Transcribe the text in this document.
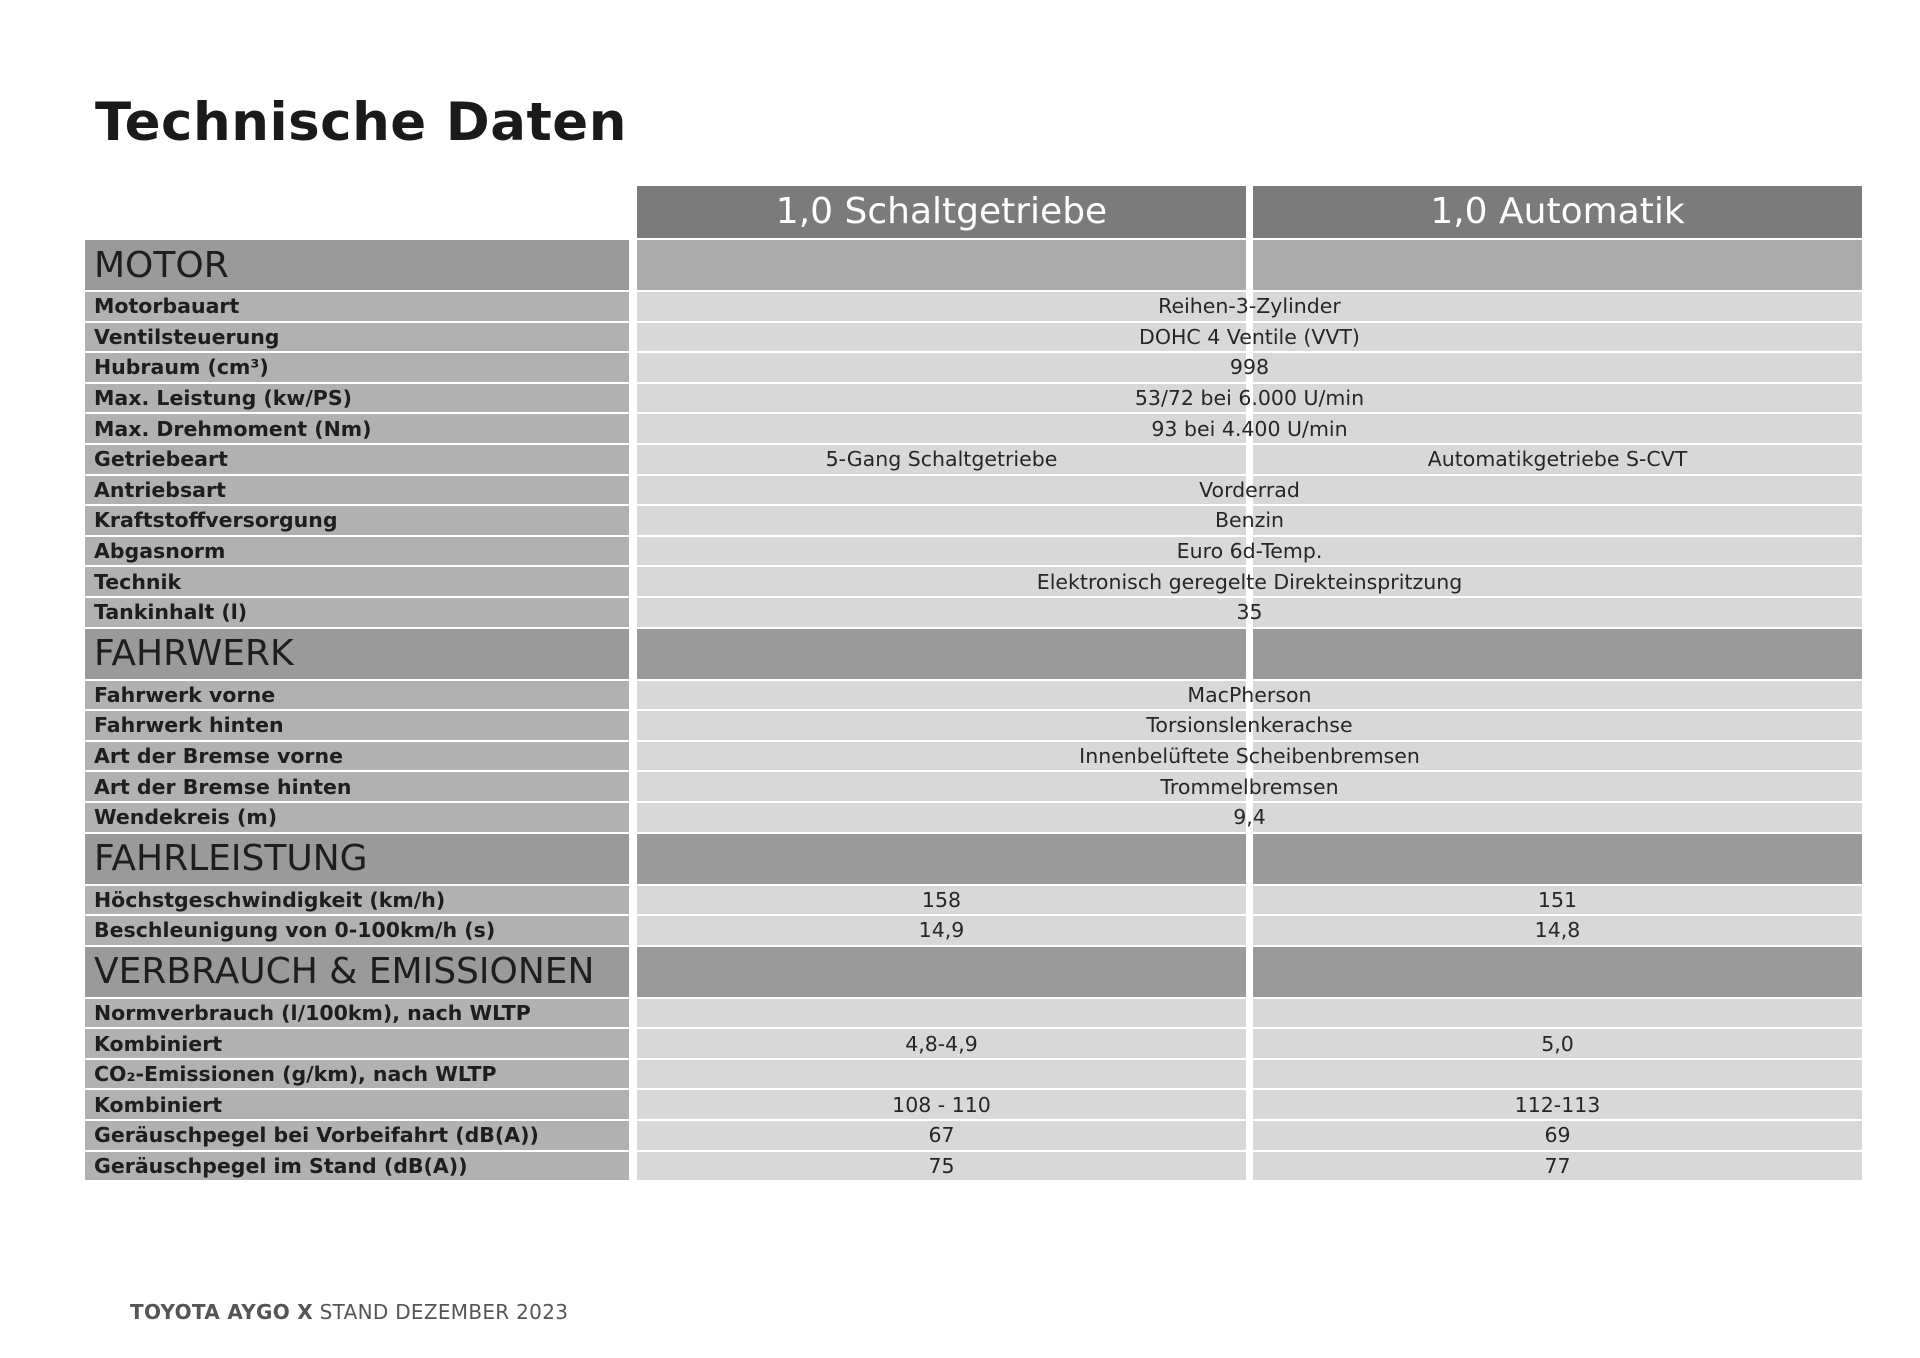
Technische Daten
1,0 Schaltgetriebe	1,0 Automatik
MOTOR
Motorbauart	Reihen-3-Zylinder
Ventilsteuerung	DOHC 4 Ventile (VVT)
Hubraum (cm³)	998
Max. Leistung (kw/PS)	53/72 bei 6.000 U/min
Max. Drehmoment (Nm)	93 bei 4.400 U/min
Getriebeart	5-Gang Schaltgetriebe	Automatikgetriebe S-CVT
Antriebsart	Vorderrad
Kraftstoffversorgung	Benzin
Abgasnorm	Euro 6d-Temp.
Technik	Elektronisch geregelte Direkteinspritzung
Tankinhalt (l)	35
FAHRWERK
Fahrwerk vorne	MacPherson
Fahrwerk hinten	Torsionslenkerachse
Art der Bremse vorne	Innenbelüftete Scheibenbremsen
Art der Bremse hinten	Trommelbremsen
Wendekreis (m)	9,4
FAHRLEISTUNG
Höchstgeschwindigkeit (km/h)	158	151
Beschleunigung von 0-100km/h (s)	14,9	14,8
VERBRAUCH & EMISSIONEN
Normverbrauch (l/100km), nach WLTP
Kombiniert	4,8-4,9	5,0
CO₂-Emissionen (g/km), nach WLTP
Kombiniert	108 - 110	112-113
Geräuschpegel bei Vorbeifahrt (dB(A))	67	69
Geräuschpegel im Stand (dB(A))	75	77
TOYOTA AYGO X STAND DEZEMBER 2023
